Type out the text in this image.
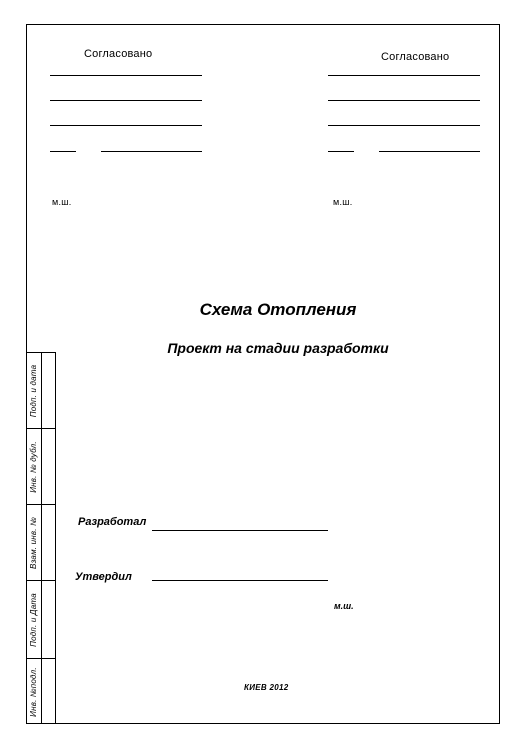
Согласовано
м.ш.
Согласовано
м.ш.
Схема Отопления
Проект на стадии разработки
Разработал
Утвердил
м.ш.
КИЕВ 2012
Подп. и дата
Инв. № дубл.
Взам. инв. №
Подп. и Дата
Инв. №подл.
